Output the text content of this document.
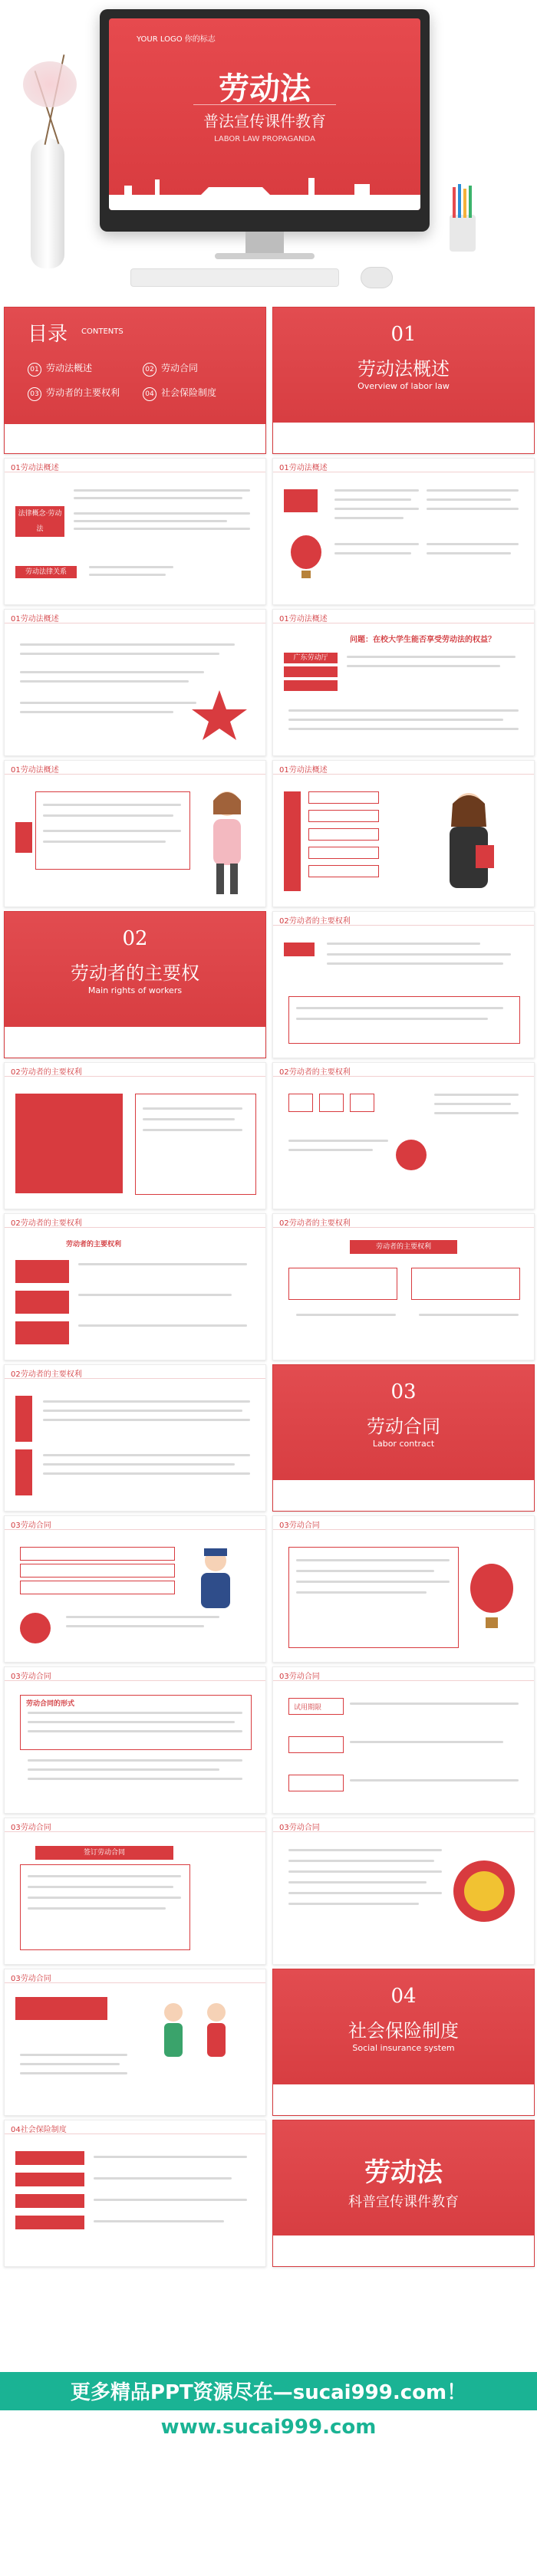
YOUR LOGO 你的标志
劳动法
普法宣传课件教育
LABOR LAW PROPAGANDA
目录 CONTENTS
01 劳动法概述	02 劳动合同
03 劳动者的主要权利	04 社会保险制度
01
劳动法概述
Overview of labor law
01劳动法概述
法律概念·劳动法
劳动法律关系
01劳动法概述
01劳动法概述	01劳动法概述
问题：在校大学生能否享受劳动法的权益？
广东劳动厅
01劳动法概述	01劳动法概述
02
劳动者的主要权
Main rights of workers
02劳动者的主要权利
02劳动者的主要权利	02劳动者的主要权利
02劳动者的主要权利
劳动者的主要权利
02劳动者的主要权利
劳动者的主要权利
02劳动者的主要权利
03
劳动合同
Labor contract
03劳动合同	03劳动合同
03劳动合同
劳动合同的形式
03劳动合同
试用期限
03劳动合同
签订劳动合同
03劳动合同
03劳动合同
04
社会保险制度
Social insurance system
04社会保险制度
劳动法
科普宣传课件教育
更多精品PPT资源尽在—sucai999.com！
www.sucai999.com
